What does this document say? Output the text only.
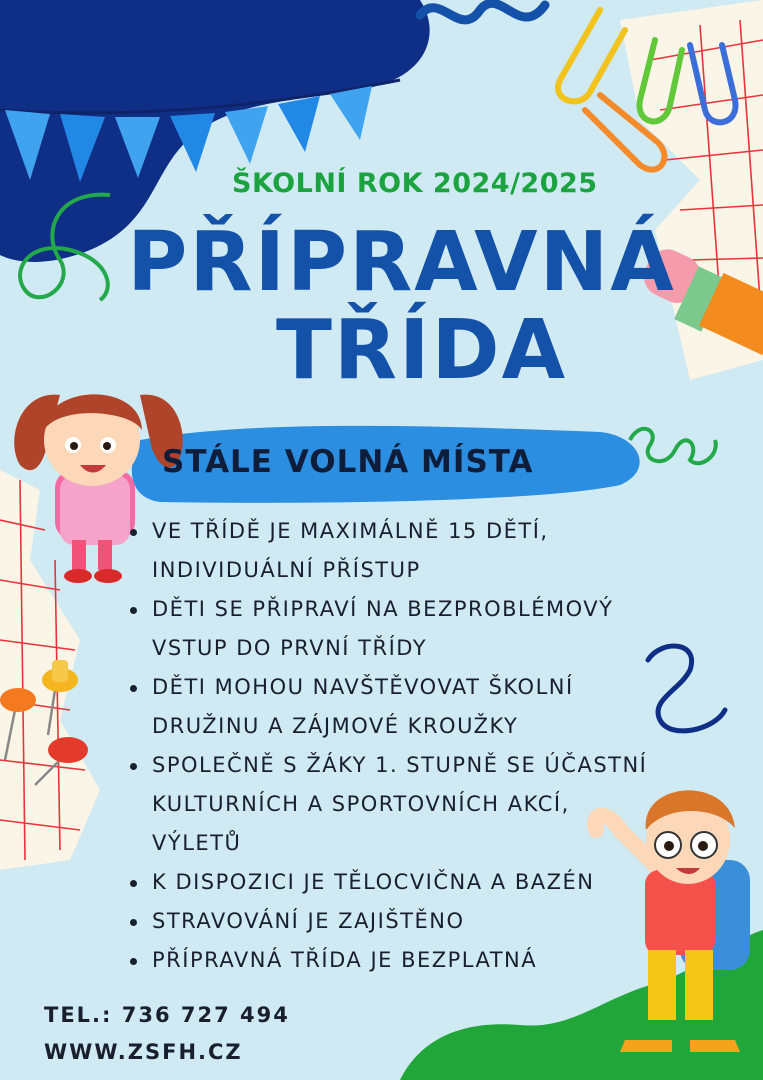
ŠKOLNÍ ROK 2024/2025
PŘÍPRAVNÁ
TŘÍDA
STÁLE VOLNÁ MÍSTA
VE TŘÍDĚ JE MAXIMÁLNĚ 15 DĚTÍ,
INDIVIDUÁLNÍ PŘÍSTUP
DĚTI SE PŘIPRAVÍ NA BEZPROBLÉMOVÝ
VSTUP DO PRVNÍ TŘÍDY
DĚTI MOHOU NAVŠTĚVOVAT ŠKOLNÍ
DRUŽINU A ZÁJMOVÉ KROUŽKY
SPOLEČNĚ S ŽÁKY 1. STUPNĚ SE ÚČASTNÍ
KULTURNÍCH A SPORTOVNÍCH AKCÍ,
VÝLETŮ
K DISPOZICI JE TĚLOCVIČNA A BAZÉN
STRAVOVÁNÍ JE ZAJIŠTĚNO
PŘÍPRAVNÁ TŘÍDA JE BEZPLATNÁ
TEL.: 736 727 494
WWW.ZSFH.CZ
